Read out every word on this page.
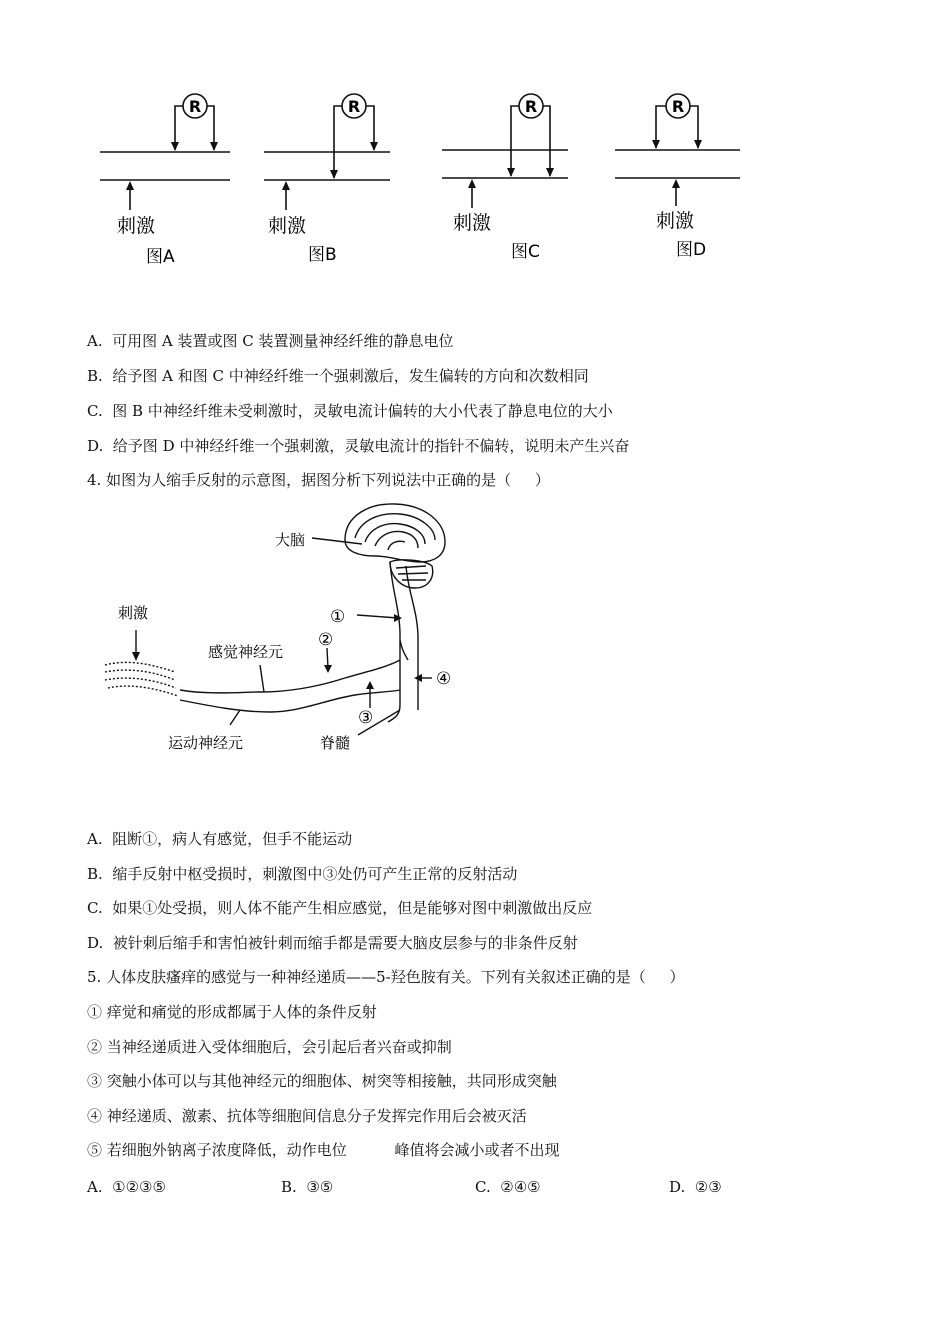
R	R	R	R
刺激	刺激	刺激	刺激
图A	图B	图C	图D
A.  可用图 A 装置或图 C 装置测量神经纤维的静息电位
B.  给予图 A 和图 C 中神经纤维一个强刺激后，发生偏转的方向和次数相同
C.  图 B 中神经纤维未受刺激时，灵敏电流计偏转的大小代表了静息电位的大小
D.  给予图 D 中神经纤维一个强刺激，灵敏电流计的指针不偏转，说明未产生兴奋
4. 如图为人缩手反射的示意图，据图分析下列说法中正确的是（     ）
大脑
刺激
感觉神经元
运动神经元	脊髓
①
②
③
④
A.  阻断①，病人有感觉，但手不能运动
B.  缩手反射中枢受损时，刺激图中③处仍可产生正常的反射活动
C.  如果①处受损，则人体不能产生相应感觉，但是能够对图中刺激做出反应
D.  被针刺后缩手和害怕被针刺而缩手都是需要大脑皮层参与的非条件反射
5. 人体皮肤瘙痒的感觉与一种神经递质——5-羟色胺有关。下列有关叙述正确的是（     ）
① 痒觉和痛觉的形成都属于人体的条件反射
② 当神经递质进入受体细胞后，会引起后者兴奋或抑制
③ 突触小体可以与其他神经元的细胞体、树突等相接触，共同形成突触
④ 神经递质、激素、抗体等细胞间信息分子发挥完作用后会被灭活
⑤ 若细胞外钠离子浓度降低，动作电位          峰值将会减小或者不出现
A.  ①②③⑤	B.  ③⑤	C.  ②④⑤	D.  ②③
